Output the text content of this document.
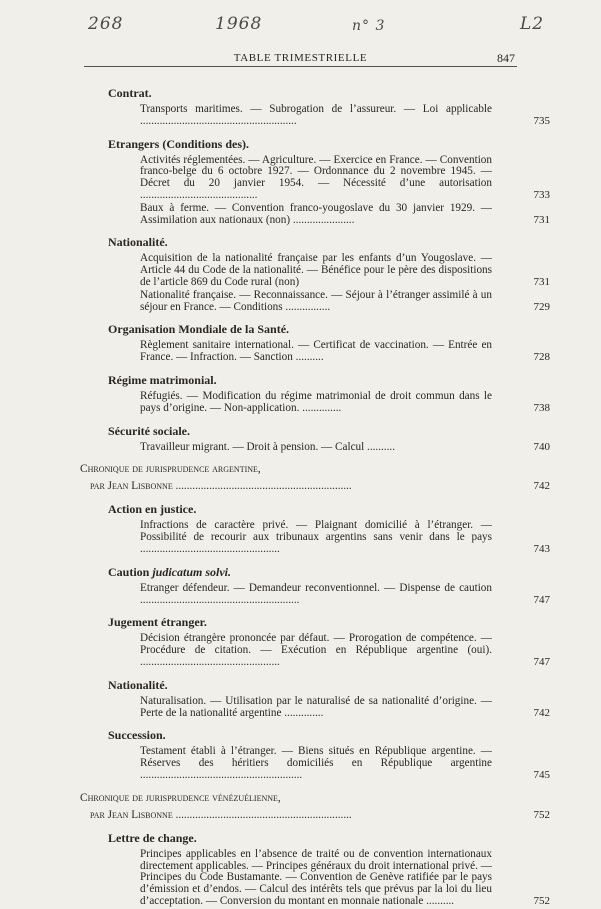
268	1968	n° 3	L2
TABLE TRIMESTRIELLE	847
Contrat.
Transports maritimes. — Subrogation de l’assureur. — Loi applicable ........................................................	735
Etrangers (Conditions des).
Activités réglementées. — Agriculture. — Exercice en France. — Convention franco-belge du 6 octobre 1927. — Ordonnance du 2 novembre 1945. — Décret du 20 janvier 1954. — Nécessité d’une autorisation ..........................................	733
Baux à ferme. — Convention franco-yougoslave du 30 janvier 1929. — Assimilation aux nationaux (non) ......................	731
Nationalité.
Acquisition de la nationalité française par les enfants d’un Yougoslave. — Article 44 du Code de la nationalité. — Bénéfice pour le père des dispositions de l’article 869 du Code rural (non)	731
Nationalité française. — Reconnaissance. — Séjour à l’étranger assimilé à un séjour en France. — Conditions ................	729
Organisation Mondiale de la Santé.
Règlement sanitaire international. — Certificat de vaccination. — Entrée en France. — Infraction. — Sanction ..........	728
Régime matrimonial.
Réfugiés. — Modification du régime matrimonial de droit commun dans le pays d’origine. — Non-application. ..............	738
Sécurité sociale.
Travailleur migrant. — Droit à pension. — Calcul ..........	740
Chronique de jurisprudence argentine,
par Jean Lisbonne ...............................................................	742
Action en justice.
Infractions de caractère privé. — Plaignant domicilié à l’étranger. — Possibilité de recourir aux tribunaux argentins sans venir dans le pays ..................................................	743
Caution judicatum solvi.
Etranger défendeur. — Demandeur reconventionnel. — Dispense de caution .........................................................	747
Jugement étranger.
Décision étrangère prononcée par défaut. — Prorogation de compétence. — Procédure de citation. — Exécution en République argentine (oui). ..................................................	747
Nationalité.
Naturalisation. — Utilisation par le naturalisé de sa nationalité d’origine. — Perte de la nationalité argentine ..............	742
Succession.
Testament établi à l’étranger. — Biens situés en République argentine. — Réserves des héritiers domiciliés en République argentine ..........................................................	745
Chronique de jurisprudence vénézuélienne,
par Jean Lisbonne ...............................................................	752
Lettre de change.
Principes applicables en l’absence de traité ou de convention internationaux directement applicables. — Principes généraux du droit international privé. — Principes du Code Bustamante. — Convention de Genève ratifiée par le pays d’émission et d’endos. — Calcul des intérêts tels que prévus par la loi du lieu d’acceptation. — Conversion du montant en monnaie nationale ..........	752
